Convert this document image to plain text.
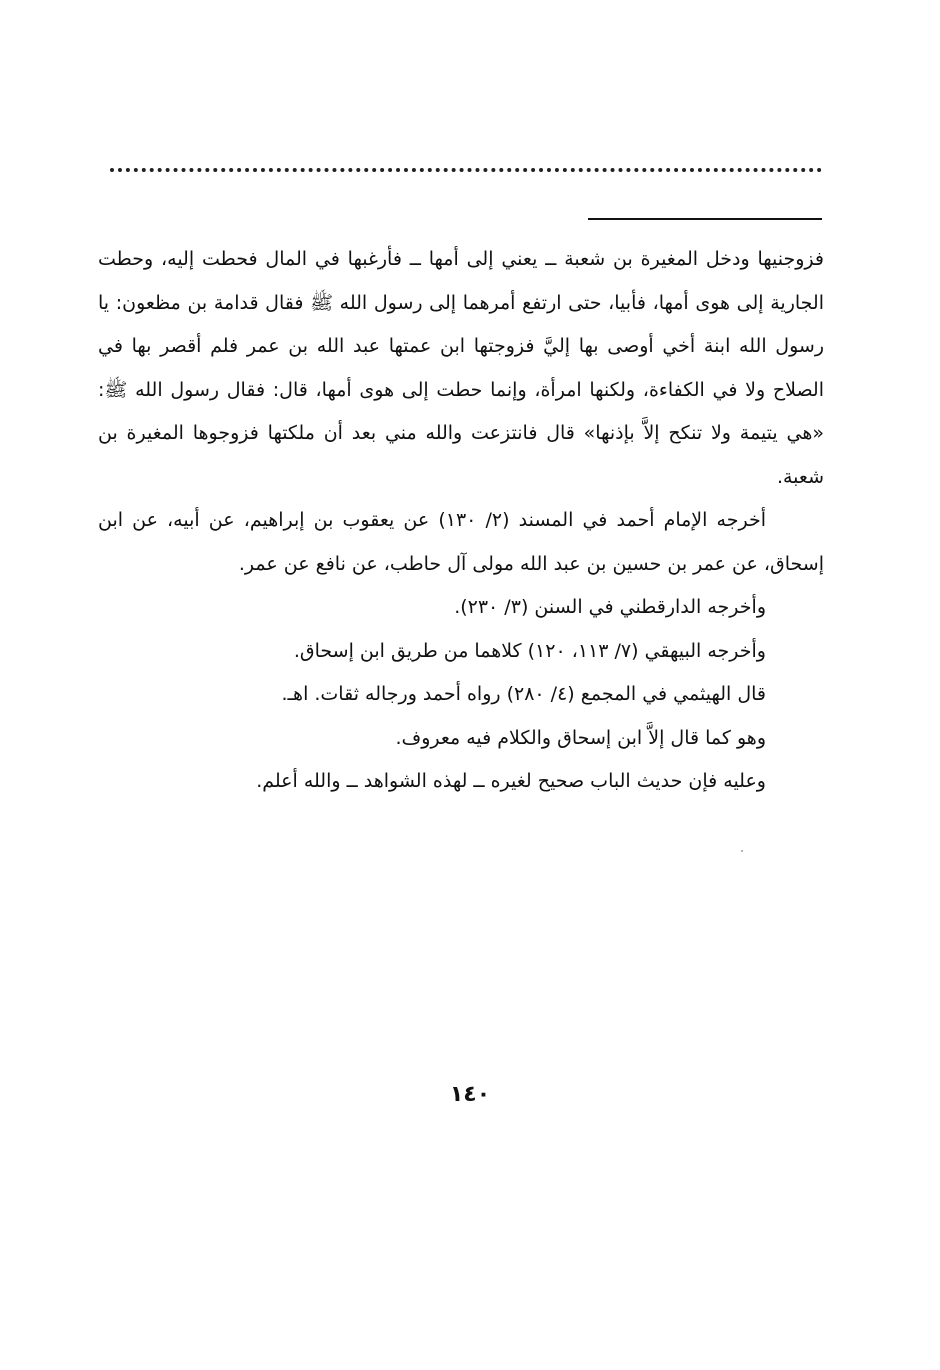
فزوجنيها ودخل المغيرة بن شعبة ــ يعني إلى أمها ــ فأرغبها في المال فحطت إليه، وحطت الجارية إلى هوى أمها، فأبيا، حتى ارتفع أمرهما إلى رسول الله ﷺ فقال قدامة بن مظعون: يا رسول الله ابنة أخي أوصى بها إليَّ فزوجتها ابن عمتها عبد الله بن عمر فلم أقصر بها في الصلاح ولا في الكفاءة، ولكنها امرأة، وإنما حطت إلى هوى أمها، قال: فقال رسول الله ﷺ: «هي يتيمة ولا تنكح إلاَّ بإذنها» قال فانتزعت والله مني بعد أن ملكتها فزوجوها المغيرة بن شعبة.

أخرجه الإمام أحمد في المسند (٢/ ١٣٠) عن يعقوب بن إبراهيم، عن أبيه، عن ابن إسحاق، عن عمر بن حسين بن عبد الله مولى آل حاطب، عن نافع عن عمر.

وأخرجه الدارقطني في السنن (٣/ ٢٣٠).

وأخرجه البيهقي (٧/ ١١٣، ١٢٠) كلاهما من طريق ابن إسحاق.

قال الهيثمي في المجمع (٤/ ٢٨٠) رواه أحمد ورجاله ثقات. اهـ.

وهو كما قال إلاَّ ابن إسحاق والكلام فيه معروف.

وعليه فإن حديث الباب صحيح لغيره ــ لهذه الشواهد ــ والله أعلم.

١٤٠
